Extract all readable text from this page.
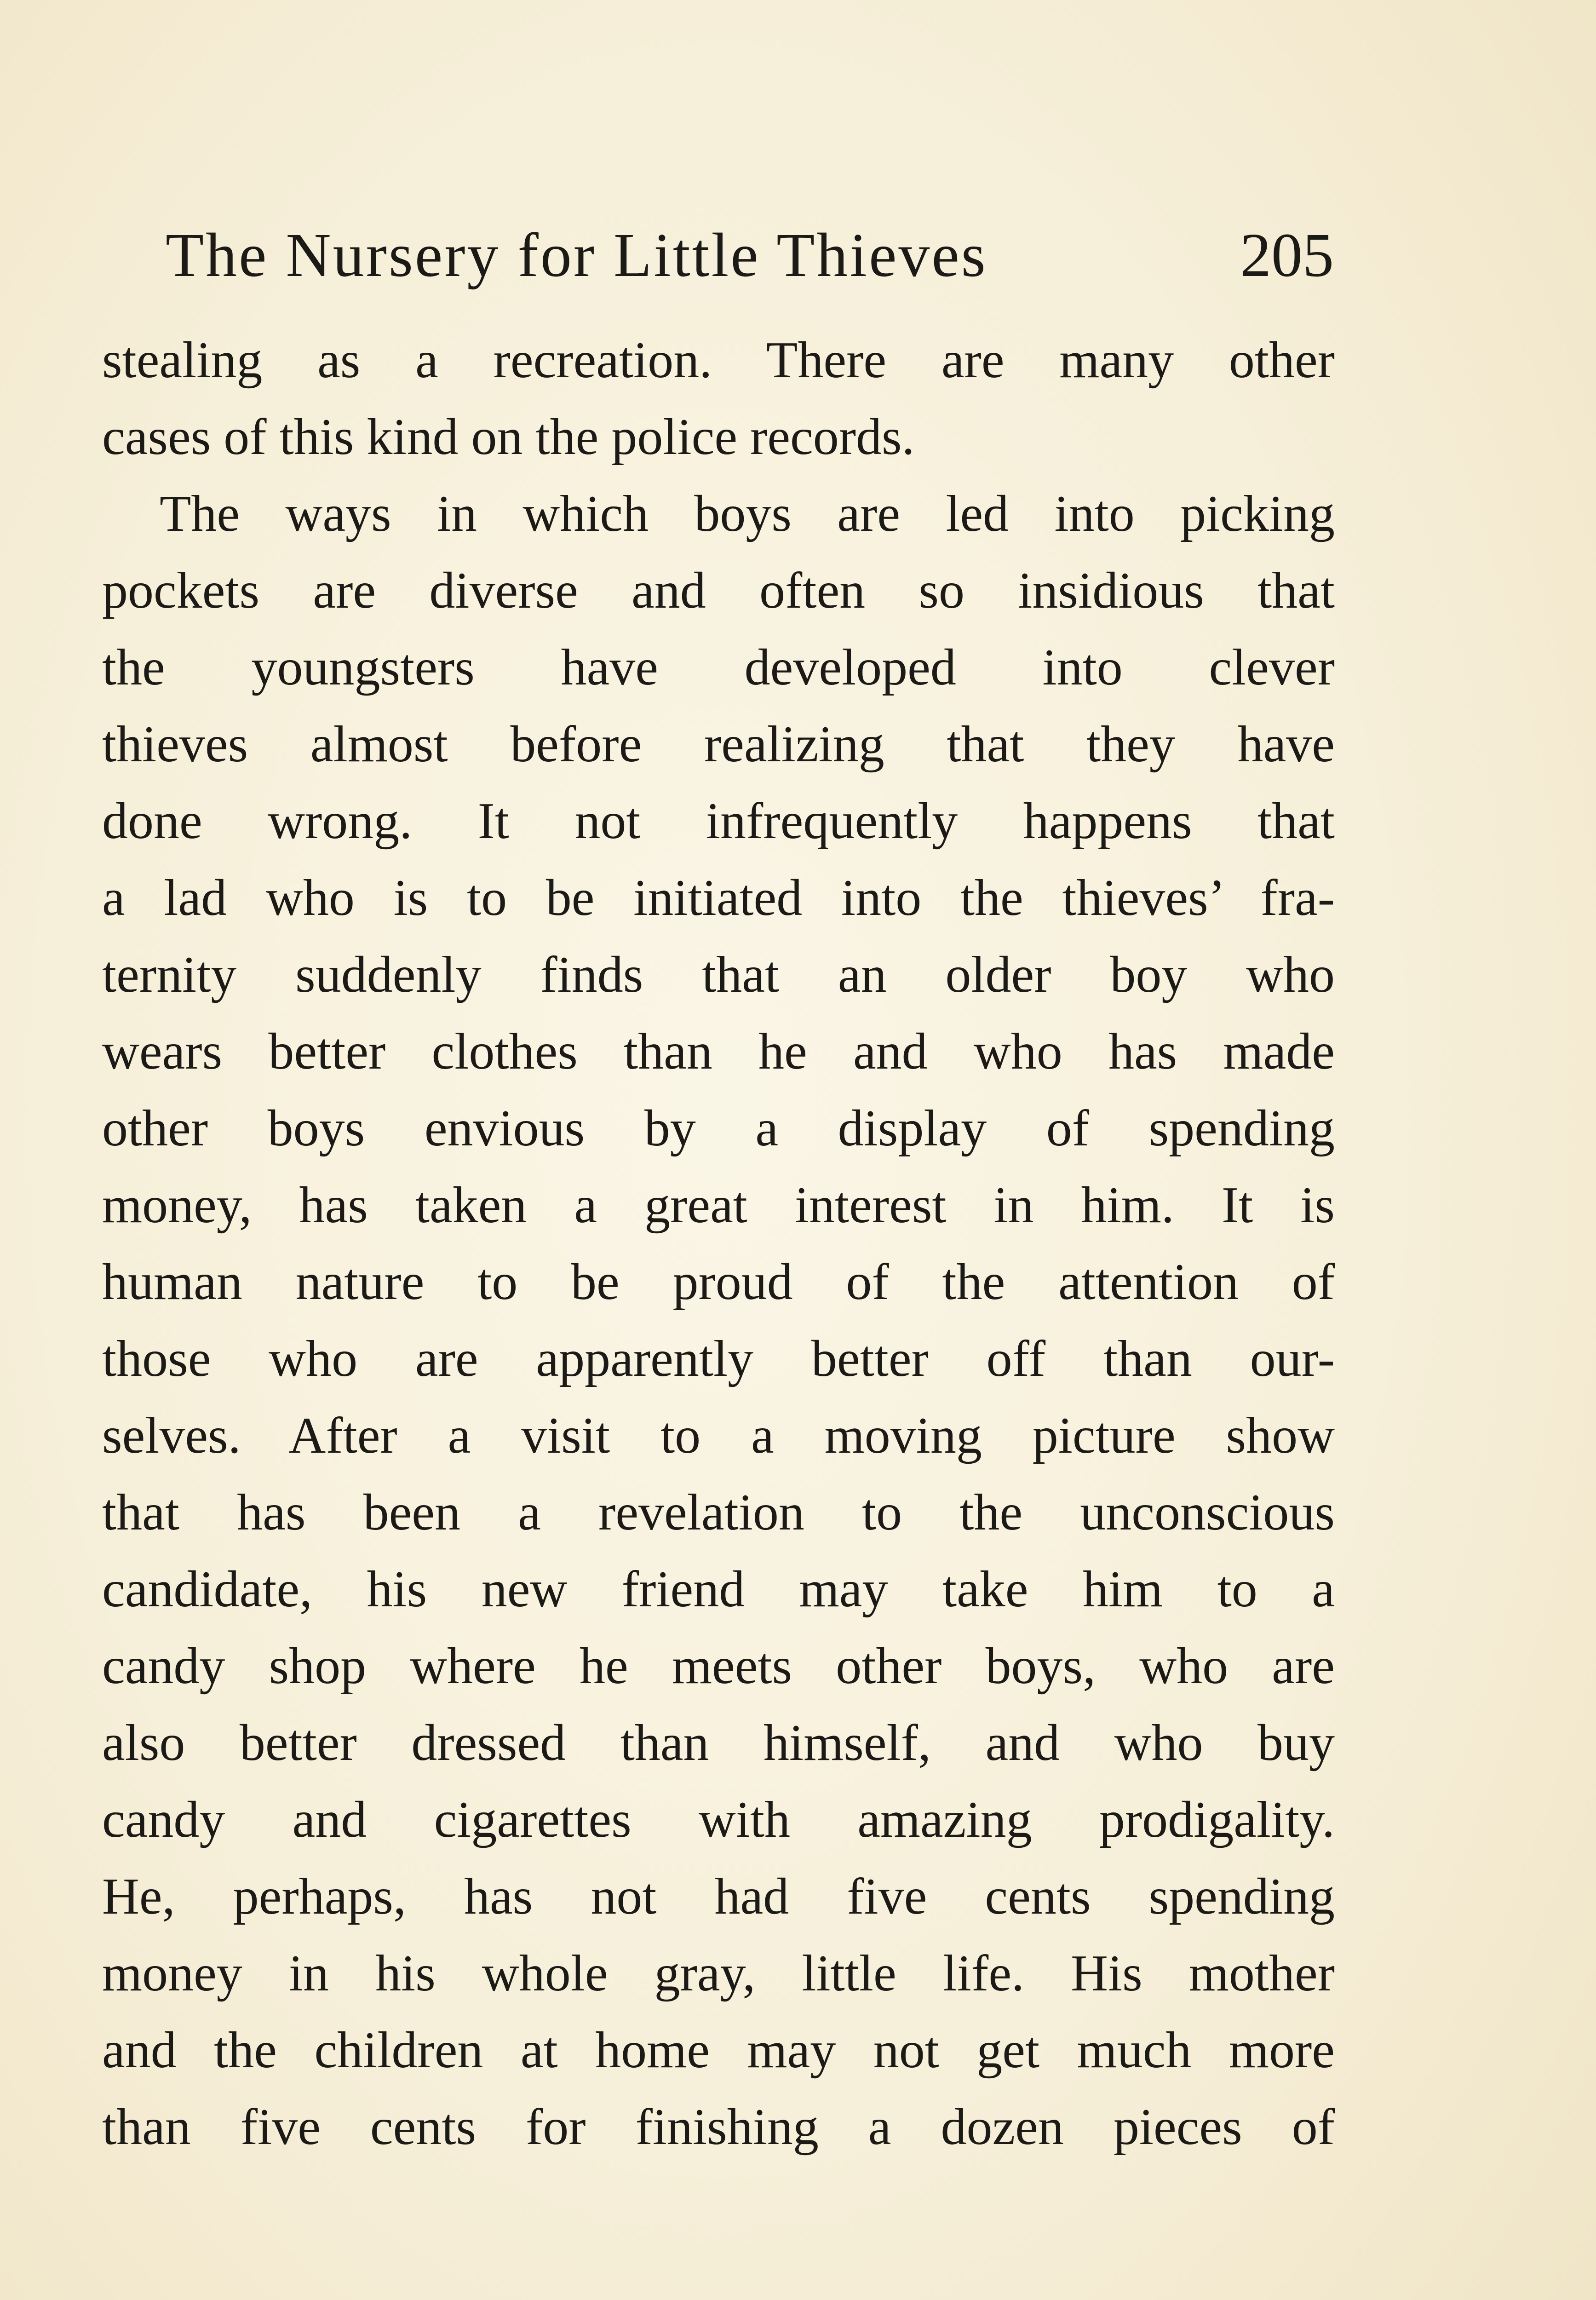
The Nursery for Little Thieves	205
stealing as a recreation. There are many other
cases of this kind on the police records.
The ways in which boys are led into picking
pockets are diverse and often so insidious that
the youngsters have developed into clever
thieves almost before realizing that they have
done wrong. It not infrequently happens that
a lad who is to be initiated into the thieves’ fra-
ternity suddenly finds that an older boy who
wears better clothes than he and who has made
other boys envious by a display of spending
money, has taken a great interest in him. It is
human nature to be proud of the attention of
those who are apparently better off than our-
selves. After a visit to a moving picture show
that has been a revelation to the unconscious
candidate, his new friend may take him to a
candy shop where he meets other boys, who are
also better dressed than himself, and who buy
candy and cigarettes with amazing prodigality.
He, perhaps, has not had five cents spending
money in his whole gray, little life. His mother
and the children at home may not get much more
than five cents for finishing a dozen pieces of
